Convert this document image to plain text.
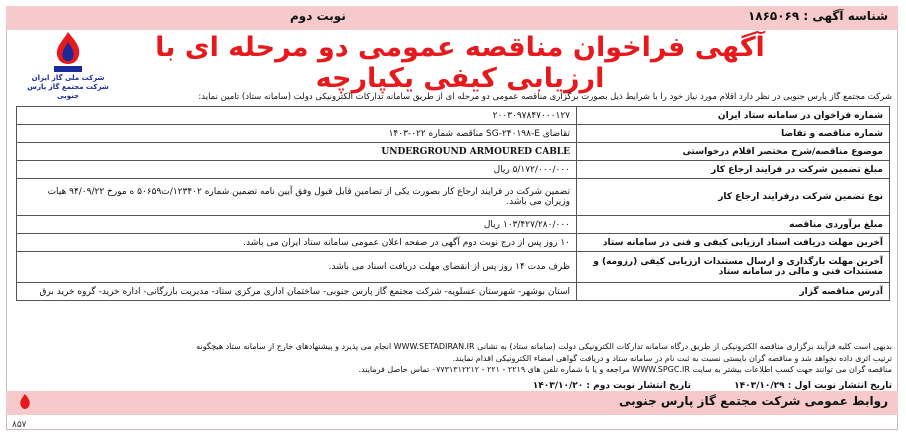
شناسه آگهی : ۱۸۶۵۰۶۹
نوبت دوم
شرکت ملی گاز ایران
شرکت مجتمع گاز پارس جنوبی
آگهی فراخوان مناقصه عمومی دو مرحله ای با ارزیابی کیفی یکپارچه
شرکت مجتمع گاز پارس جنوبی در نظر دارد اقلام مورد نیاز خود را با شرایط ذیل بصورت برگزاری مناقصه عمومی دو مرحله ای از طریق سامانه تدارکات الکترونیکی دولت (سامانه ستاد) تامین نماید:
شماره فراخوان در سامانه ستاد ایران	۲۰۰۳۰۹۷۸۴۷۰۰۰۱۲۷
شماره مناقصه و تقاضا	تقاضای SG-۲۴۰۱۹۸-E مناقصه شماره ۰۲۲-۱۴۰۳
موضوع مناقصه/شرح مختصر اقلام درخواستی	UNDERGROUND ARMOURED CABLE
مبلغ تضمین شرکت در فرایند ارجاع کار	۵/۱۷۲/۰۰۰/۰۰۰ ریال
نوع تضمین شرکت درفرایند ارجاع کار	تضمین شرکت در فرایند ارجاع کار بصورت یکی از تضامین قابل قبول وفق آیین نامه تضمین شماره ۱۲۳۴۰۲/ت۵۰۶۵۹ ه مورخ ۹۴/۰۹/۲۲ هیات وزیران می باشد.
مبلغ برآوردی مناقصه	۱۰۳/۴۲۷/۲۸۰/۰۰۰ ریال
آخرین مهلت دریافت اسناد ارزیابی کیفی و فنی در سامانه ستاد	۱۰ روز پس از درج نوبت دوم آگهی در صفحه اعلان عمومی سامانه ستاد ایران می باشد.
آخرین مهلت بارگذاری و ارسال مستندات ارزیابی کیفی (رزومه) و مستندات فنی و مالی در سامانه ستاد	ظرف مدت ۱۴ روز پس از انقضای مهلت دریافت اسناد می باشد.
آدرس مناقصه گزار	استان بوشهر- شهرستان عسلویه- شرکت مجتمع گاز پارس جنوبی- ساختمان اداری مرکزی ستاد- مدیریت بازرگانی- اداره خرید- گروه خرید برق
بدیهی است کلیه فرآیند برگزاری مناقصه الکترونیکی از طریق درگاه سامانه تدارکات الکترونیکی دولت (سامانه ستاد) به نشانی WWW.SETADIRAN.IR انجام می پذیرد و پیشنهادهای خارج از سامانه ستاد هیچگونه
ترتیب اثری داده نخواهد شد و مناقصه گران بایستی نسبت به ثبت نام در سامانه ستاد و دریافت گواهی امضاء الکترونیکی اقدام نمایند.
مناقصه گران می توانند جهت کسب اطلاعات بیشتر به سایت WWW.SPGC.IR مراجعه و یا با شماره تلفن های ۲۲۱۹ - ۲۲۱ - ۰۷۷۳۱۳۱۲۲۱۲ تماس حاصل فرمایند.
تاریخ انتشار نوبت اول : ۱۴۰۳/۱۰/۲۹ تاریخ انتشار نوبت دوم : ۱۴۰۳/۱۰/۲۰
روابط عمومی شرکت مجتمع گاز پارس جنوبی
۸۵۷
